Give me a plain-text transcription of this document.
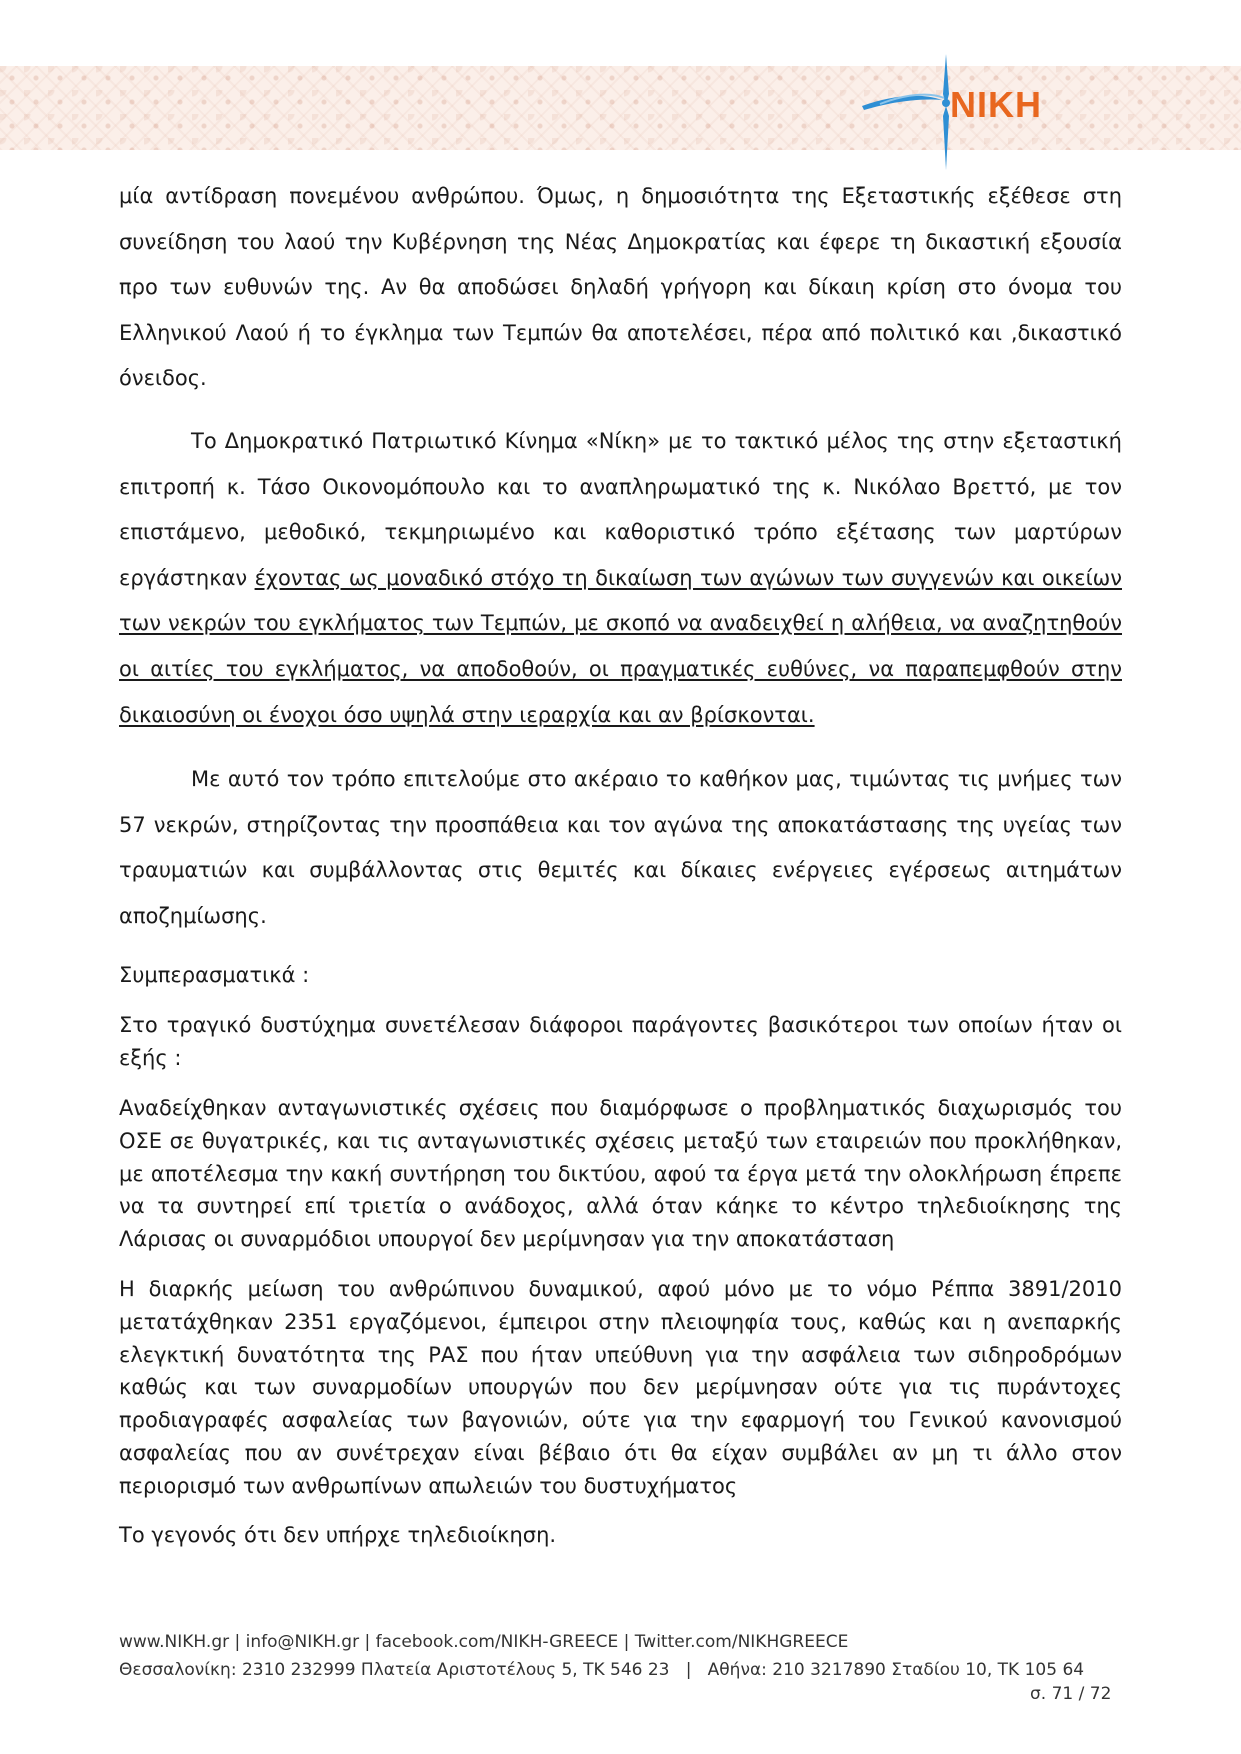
NIKH

μία αντίδραση πονεμένου ανθρώπου. Όμως, η δημοσιότητα της Εξεταστικής εξέθεσε στη συνείδηση του λαού την Κυβέρνηση της Νέας Δημοκρατίας και έφερε τη δικαστική εξουσία προ των ευθυνών της. Αν θα αποδώσει δηλαδή γρήγορη και δίκαιη κρίση στο όνομα του Ελληνικού Λαού ή το έγκλημα των Τεμπών θα αποτελέσει, πέρα από πολιτικό και ,δικαστικό όνειδος.

Το Δημοκρατικό Πατριωτικό Κίνημα «Νίκη» με το τακτικό μέλος της στην εξεταστική επιτροπή κ. Τάσο Οικονομόπουλο και το αναπληρωματικό της κ. Νικόλαο Βρεττό, με τον επιστάμενο, μεθοδικό, τεκμηριωμένο και καθοριστικό τρόπο εξέτασης των μαρτύρων εργάστηκαν έχοντας ως μοναδικό στόχο τη δικαίωση των αγώνων των συγγενών και οικείων των νεκρών του εγκλήματος των Τεμπών, με σκοπό να αναδειχθεί η αλήθεια, να αναζητηθούν οι αιτίες του εγκλήματος, να αποδοθούν, οι πραγματικές ευθύνες, να παραπεμφθούν στην δικαιοσύνη οι ένοχοι όσο υψηλά στην ιεραρχία και αν βρίσκονται.

Με αυτό τον τρόπο επιτελούμε στο ακέραιο το καθήκον μας, τιμώντας τις μνήμες των 57 νεκρών, στηρίζοντας την προσπάθεια και τον αγώνα της αποκατάστασης της υγείας των τραυματιών και συμβάλλοντας στις θεμιτές και δίκαιες ενέργειες εγέρσεως αιτημάτων αποζημίωσης.

Συμπερασματικά :

Στο τραγικό δυστύχημα συνετέλεσαν διάφοροι παράγοντες βασικότεροι των οποίων ήταν οι εξής :

Αναδείχθηκαν ανταγωνιστικές σχέσεις που διαμόρφωσε ο προβληματικός διαχωρισμός του ΟΣΕ σε θυγατρικές, και τις ανταγωνιστικές σχέσεις μεταξύ των εταιρειών που προκλήθηκαν, με αποτέλεσμα την κακή συντήρηση του δικτύου, αφού τα έργα μετά την ολοκλήρωση έπρεπε να τα συντηρεί επί τριετία ο ανάδοχος, αλλά όταν κάηκε το κέντρο τηλεδιοίκησης της Λάρισας οι συναρμόδιοι υπουργοί δεν μερίμνησαν για την αποκατάσταση

Η διαρκής μείωση του ανθρώπινου δυναμικού, αφού μόνο με το νόμο Ρέππα 3891/2010 μετατάχθηκαν 2351 εργαζόμενοι, έμπειροι στην πλειοψηφία τους, καθώς και η ανεπαρκής ελεγκτική δυνατότητα της ΡΑΣ που ήταν υπεύθυνη για την ασφάλεια των σιδηροδρόμων καθώς και των συναρμοδίων υπουργών που δεν μερίμνησαν ούτε για τις πυράντοχες προδιαγραφές ασφαλείας των βαγονιών, ούτε για την εφαρμογή του Γενικού κανονισμού ασφαλείας που αν συνέτρεχαν είναι βέβαιο ότι θα είχαν συμβάλει αν μη τι άλλο στον περιορισμό των ανθρωπίνων απωλειών του δυστυχήματος

Το γεγονός ότι δεν υπήρχε τηλεδιοίκηση.

www.NIKH.gr | info@NIKH.gr | facebook.com/NIKH-GREECE | Twitter.com/NIKHGREECE
Θεσσαλονίκη: 2310 232999 Πλατεία Αριστοτέλους 5, ΤΚ 546 23   |   Αθήνα: 210 3217890 Σταδίου 10, ΤΚ 105 64
σ. 71 / 72
